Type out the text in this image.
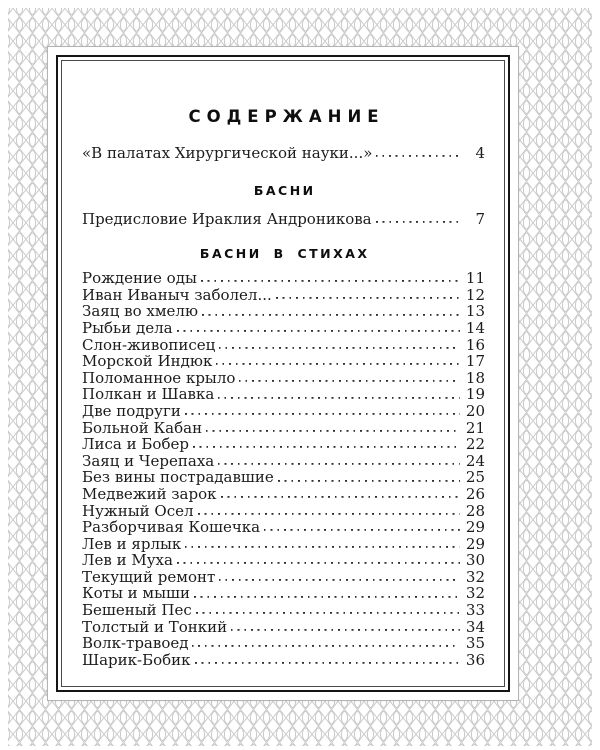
СОДЕРЖАНИЕ
«В палатах Хирургической науки...»	4
БАСНИ
Предисловие Ираклия Андроникова	7
БАСНИ В СТИХАХ
Рождение оды	11
Иван Иваныч заболел...	12
Заяц во хмелю	13
Рыбьи дела	14
Слон-живописец	16
Морской Индюк	17
Поломанное крыло	18
Полкан и Шавка	19
Две подруги	20
Больной Кабан	21
Лиса и Бобер	22
Заяц и Черепаха	24
Без вины пострадавшие	25
Медвежий зарок	26
Нужный Осел	28
Разборчивая Кошечка	29
Лев и ярлык	29
Лев и Муха	30
Текущий ремонт	32
Коты и мыши	32
Бешеный Пес	33
Толстый и Тонкий	34
Волк-травоед	35
Шарик-Бобик	36
